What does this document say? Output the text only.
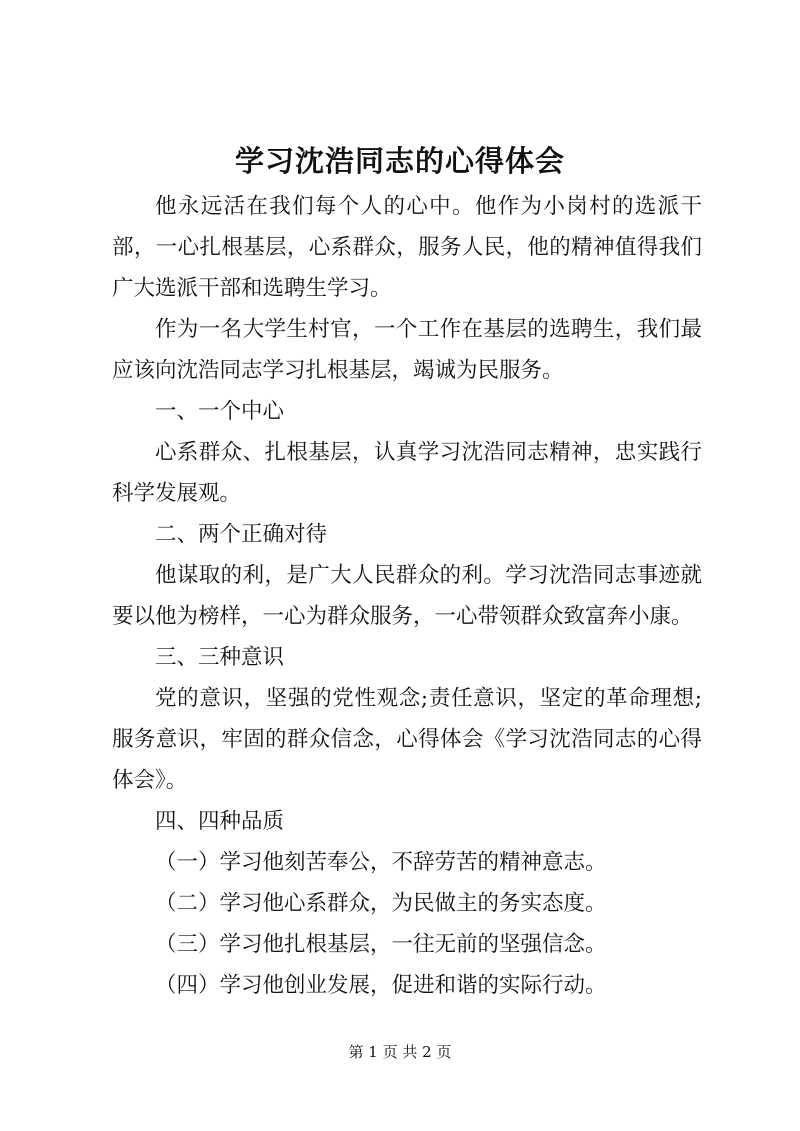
学习沈浩同志的心得体会

他永远活在我们每个人的心中。他作为小岗村的选派干部，一心扎根基层，心系群众，服务人民，他的精神值得我们广大选派干部和选聘生学习。

作为一名大学生村官，一个工作在基层的选聘生，我们最应该向沈浩同志学习扎根基层，竭诚为民服务。

一、一个中心

心系群众、扎根基层，认真学习沈浩同志精神，忠实践行科学发展观。

二、两个正确对待

他谋取的利，是广大人民群众的利。学习沈浩同志事迹就要以他为榜样，一心为群众服务，一心带领群众致富奔小康。

三、三种意识

党的意识，坚强的党性观念;责任意识，坚定的革命理想;服务意识，牢固的群众信念，心得体会《学习沈浩同志的心得体会》。

四、四种品质

（一）学习他刻苦奉公，不辞劳苦的精神意志。

（二）学习他心系群众，为民做主的务实态度。

（三）学习他扎根基层，一往无前的坚强信念。

（四）学习他创业发展，促进和谐的实际行动。

第 1 页 共 2 页
